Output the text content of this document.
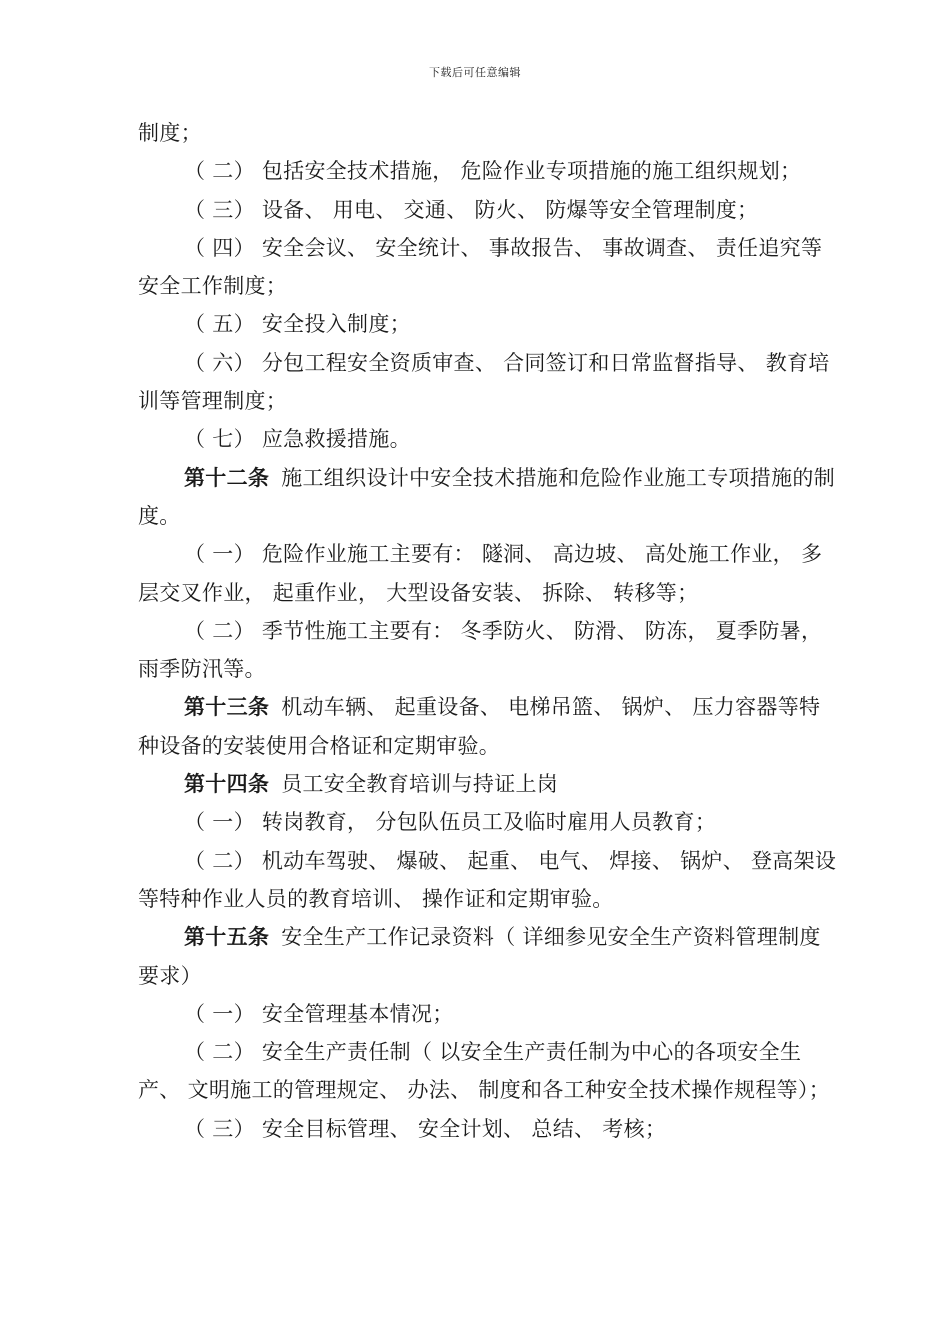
下载后可任意编辑

制度；

（ 二） 包括安全技术措施， 危险作业专项措施的施工组织规划；

（ 三） 设备、 用电、 交通、 防火、 防爆等安全管理制度；

（ 四） 安全会议、 安全统计、 事故报告、 事故调查、 责任追究等安全工作制度；

（ 五） 安全投入制度；

（ 六） 分包工程安全资质审查、 合同签订和日常监督指导、 教育培训等管理制度；

（ 七） 应急救援措施。

第十二条 施工组织设计中安全技术措施和危险作业施工专项措施的制度。

（ 一） 危险作业施工主要有： 隧洞、 高边坡、 高处施工作业， 多层交叉作业， 起重作业， 大型设备安装、 拆除、 转移等；

（ 二） 季节性施工主要有： 冬季防火、 防滑、 防冻， 夏季防暑， 雨季防汛等。

第十三条 机动车辆、 起重设备、 电梯吊篮、 锅炉、 压力容器等特种设备的安装使用合格证和定期审验。

第十四条 员工安全教育培训与持证上岗

（ 一） 转岗教育， 分包队伍员工及临时雇用人员教育；

（ 二） 机动车驾驶、 爆破、 起重、 电气、 焊接、 锅炉、 登高架设等特种作业人员的教育培训、 操作证和定期审验。

第十五条 安全生产工作记录资料（ 详细参见安全生产资料管理制度要求）

（ 一） 安全管理基本情况；

（ 二） 安全生产责任制（ 以安全生产责任制为中心的各项安全生产、 文明施工的管理规定、 办法、 制度和各工种安全技术操作规程等）；

（ 三） 安全目标管理、 安全计划、 总结、 考核；
